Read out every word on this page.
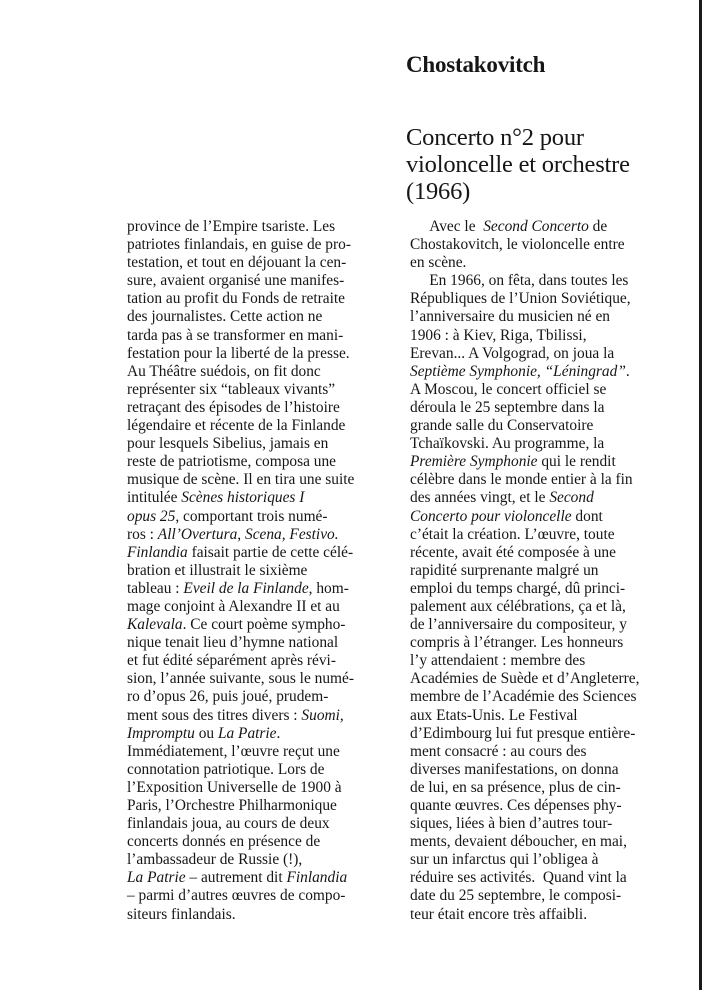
Chostakovitch
Concerto n°2 pour
violoncelle et orchestre
(1966)
province de l’Empire tsariste. Les
patriotes finlandais, en guise de pro-
testation, et tout en déjouant la cen-
sure, avaient organisé une manifes-
tation au profit du Fonds de retraite
des journalistes. Cette action ne
tarda pas à se transformer en mani-
festation pour la liberté de la presse.
Au Théâtre suédois, on fit donc
représenter six “tableaux vivants”
retraçant des épisodes de l’histoire
légendaire et récente de la Finlande
pour lesquels Sibelius, jamais en
reste de patriotisme, composa une
musique de scène. Il en tira une suite
intitulée Scènes historiques I
opus 25, comportant trois numé-
ros : All’Overtura, Scena, Festivo.
Finlandia faisait partie de cette célé-
bration et illustrait le sixième
tableau : Eveil de la Finlande, hom-
mage conjoint à Alexandre II et au
Kalevala. Ce court poème sympho-
nique tenait lieu d’hymne national
et fut édité séparément après révi-
sion, l’année suivante, sous le numé-
ro d’opus 26, puis joué, prudem-
ment sous des titres divers : Suomi,
Impromptu ou La Patrie.
Immédiatement, l’œuvre reçut une
connotation patriotique. Lors de
l’Exposition Universelle de 1900 à
Paris, l’Orchestre Philharmonique
finlandais joua, au cours de deux
concerts donnés en présence de
l’ambassadeur de Russie (!),
La Patrie – autrement dit Finlandia
– parmi d’autres œuvres de compo-
siteurs finlandais.
Avec le  Second Concerto de
Chostakovitch, le violoncelle entre
en scène.
En 1966, on fêta, dans toutes les
Républiques de l’Union Soviétique,
l’anniversaire du musicien né en
1906 : à Kiev, Riga, Tbilissi,
Erevan... A Volgograd, on joua la
Septième Symphonie, “Léningrad”.
A Moscou, le concert officiel se
déroula le 25 septembre dans la
grande salle du Conservatoire
Tchaïkovski. Au programme, la
Première Symphonie qui le rendit
célèbre dans le monde entier à la fin
des années vingt, et le Second
Concerto pour violoncelle dont
c’était la création. L’œuvre, toute
récente, avait été composée à une
rapidité surprenante malgré un
emploi du temps chargé, dû princi-
palement aux célébrations, ça et là,
de l’anniversaire du compositeur, y
compris à l’étranger. Les honneurs
l’y attendaient : membre des
Académies de Suède et d’Angleterre,
membre de l’Académie des Sciences
aux Etats-Unis. Le Festival
d’Edimbourg lui fut presque entière-
ment consacré : au cours des
diverses manifestations, on donna
de lui, en sa présence, plus de cin-
quante œuvres. Ces dépenses phy-
siques, liées à bien d’autres tour-
ments, devaient déboucher, en mai,
sur un infarctus qui l’obligea à
réduire ses activités.  Quand vint la
date du 25 septembre, le composi-
teur était encore très affaibli.
